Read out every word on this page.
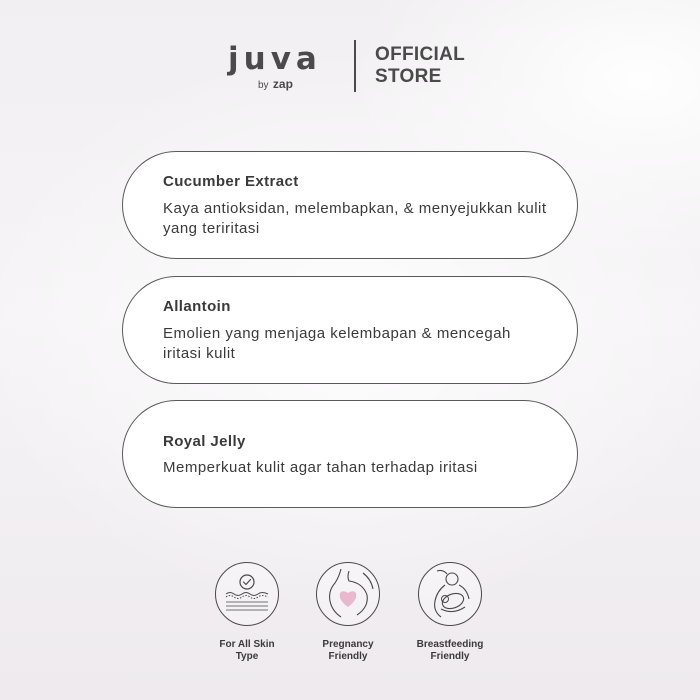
juva
by zap
OFFICIAL
STORE
Cucumber Extract
Kaya antioksidan, melembapkan, & menyejukkan kulit yang teriritasi
Allantoin
Emolien yang menjaga kelembapan & mencegah iritasi kulit
Royal Jelly
Memperkuat kulit agar tahan terhadap iritasi
For All Skin
Type
Pregnancy
Friendly
Breastfeeding
Friendly
